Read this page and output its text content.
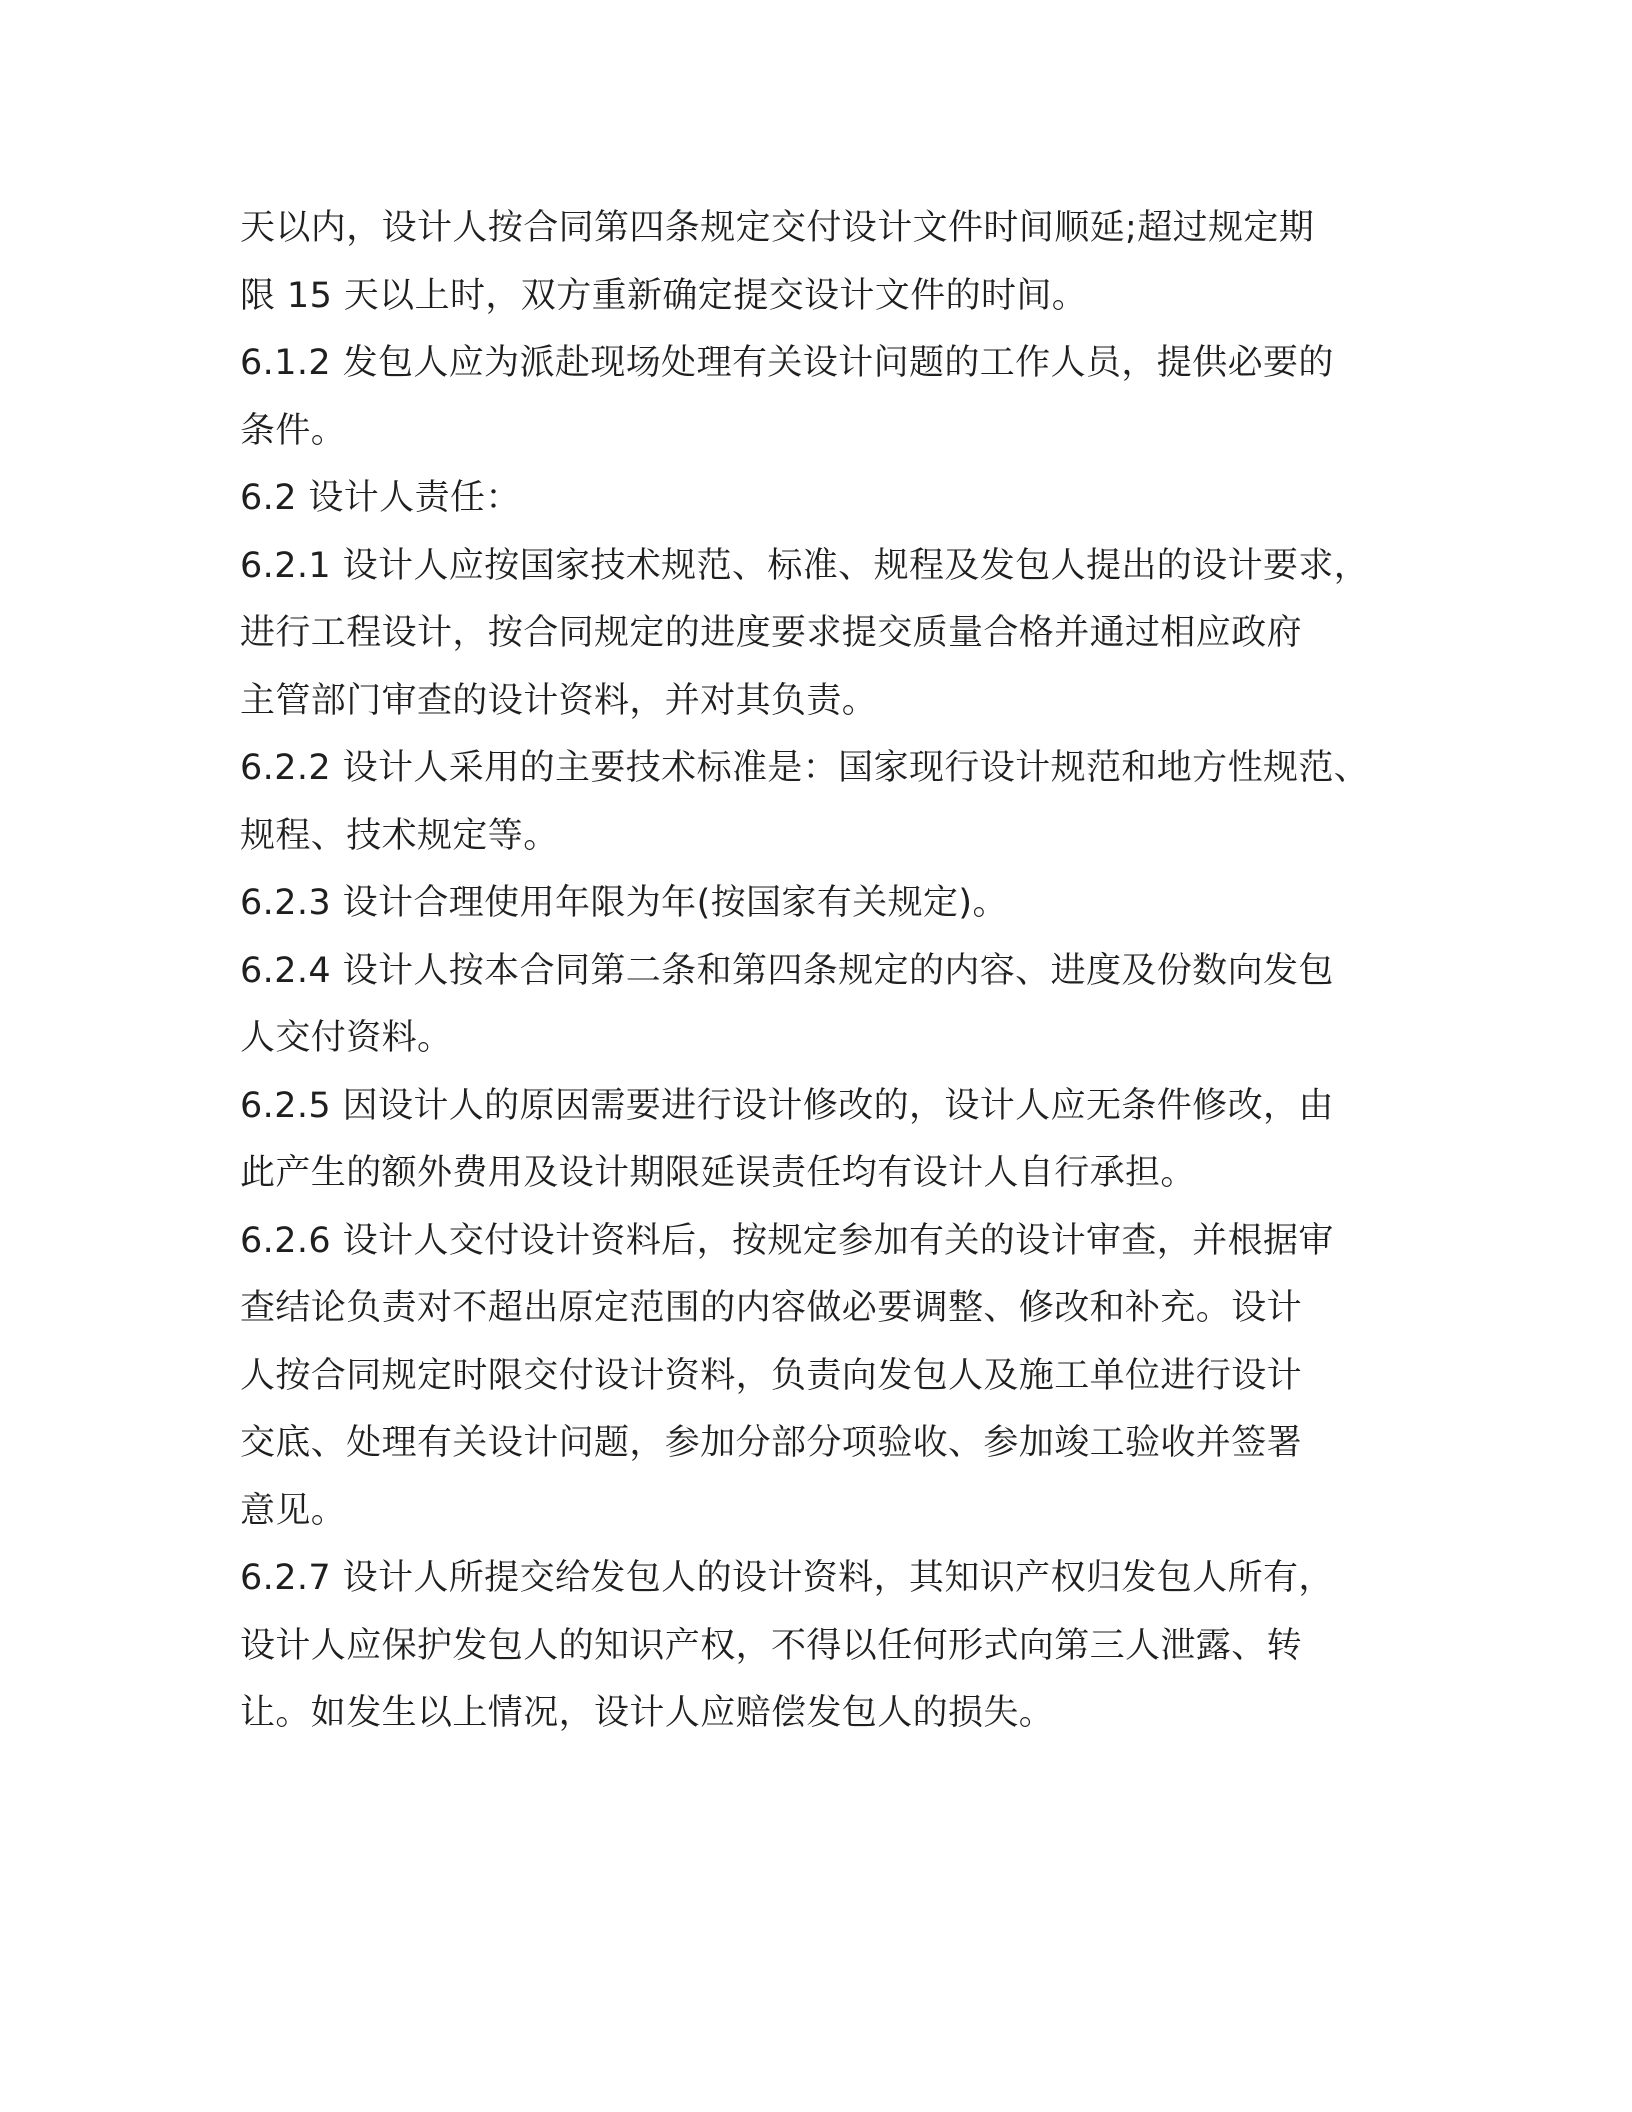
天以内，设计人按合同第四条规定交付设计文件时间顺延;超过规定期
限 15 天以上时，双方重新确定提交设计文件的时间。
6.1.2 发包人应为派赴现场处理有关设计问题的工作人员，提供必要的
条件。
6.2 设计人责任：
6.2.1 设计人应按国家技术规范、标准、规程及发包人提出的设计要求，
进行工程设计，按合同规定的进度要求提交质量合格并通过相应政府
主管部门审查的设计资料，并对其负责。
6.2.2 设计人采用的主要技术标准是：国家现行设计规范和地方性规范、
规程、技术规定等。
6.2.3 设计合理使用年限为年(按国家有关规定)。
6.2.4 设计人按本合同第二条和第四条规定的内容、进度及份数向发包
人交付资料。
6.2.5 因设计人的原因需要进行设计修改的，设计人应无条件修改，由
此产生的额外费用及设计期限延误责任均有设计人自行承担。
6.2.6 设计人交付设计资料后，按规定参加有关的设计审查，并根据审
查结论负责对不超出原定范围的内容做必要调整、修改和补充。设计
人按合同规定时限交付设计资料，负责向发包人及施工单位进行设计
交底、处理有关设计问题，参加分部分项验收、参加竣工验收并签署
意见。
6.2.7 设计人所提交给发包人的设计资料，其知识产权归发包人所有，
设计人应保护发包人的知识产权，不得以任何形式向第三人泄露、转
让。如发生以上情况，设计人应赔偿发包人的损失。
